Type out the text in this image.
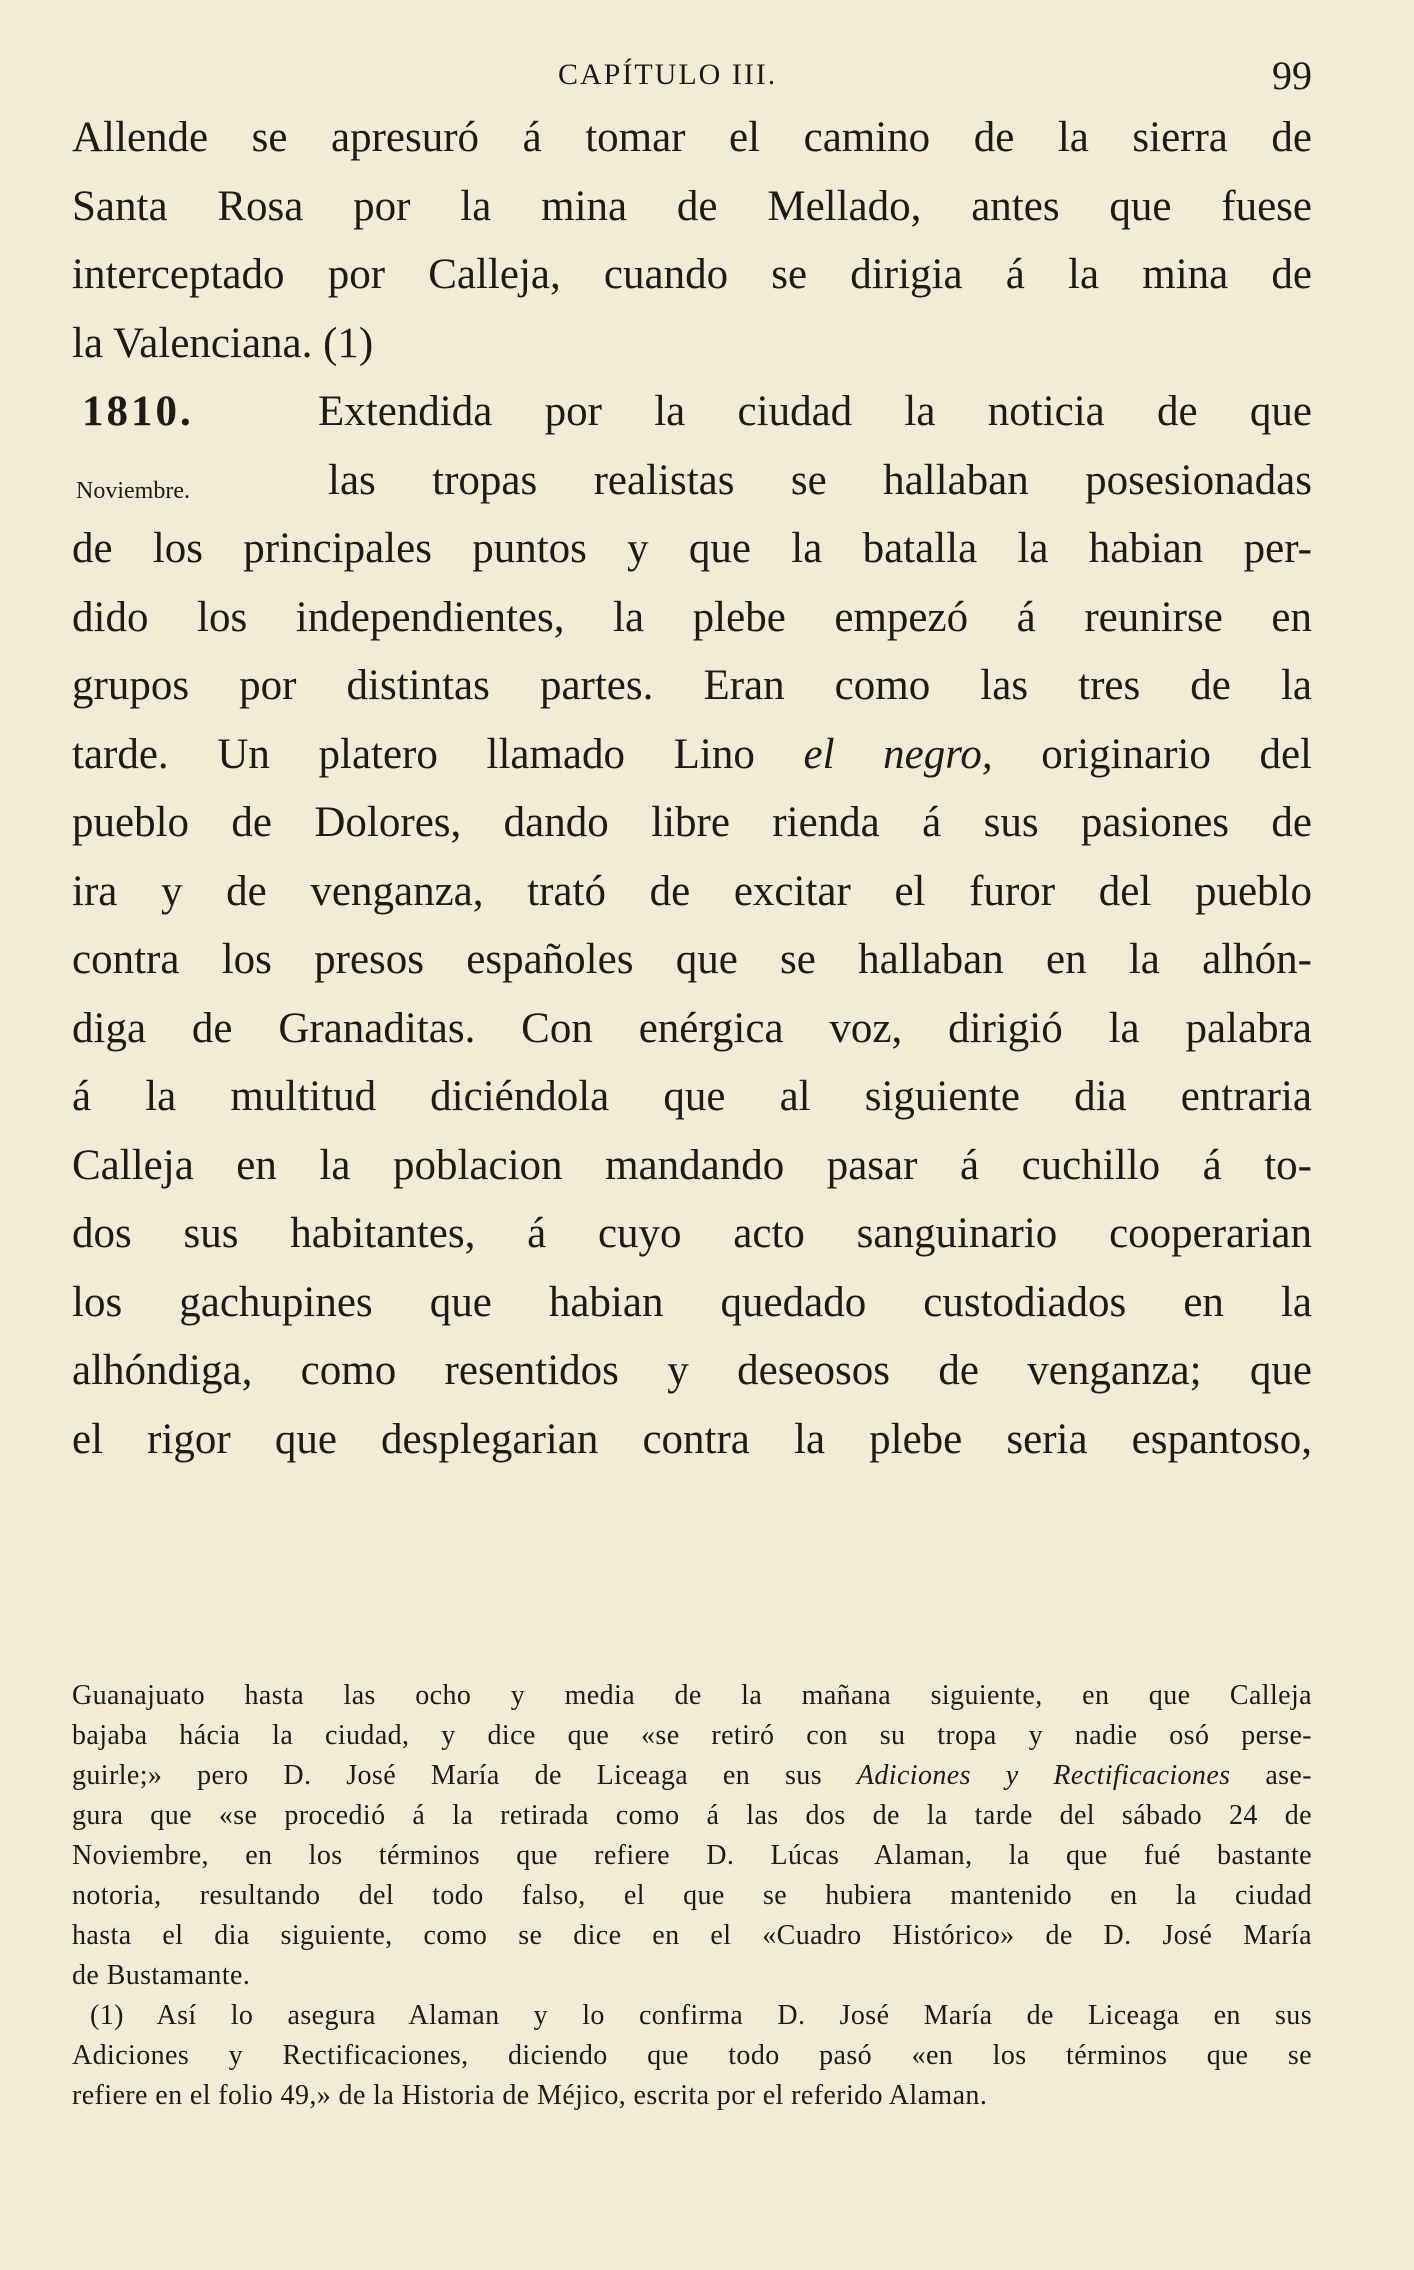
CAPÍTULO III.	99

Allende se apresuró á tomar el camino de la sierra de
Santa Rosa por la mina de Mellado, antes que fuese
interceptado por Calleja, cuando se dirigia á la mina de
la Valenciana. (1)

1810.	Extendida por la ciudad la noticia de que
Noviembre.	las tropas realistas se hallaban posesionadas
de los principales puntos y que la batalla la habian per-
dido los independientes, la plebe empezó á reunirse en
grupos por distintas partes. Eran como las tres de la
tarde. Un platero llamado Lino el negro, originario del
pueblo de Dolores, dando libre rienda á sus pasiones de
ira y de venganza, trató de excitar el furor del pueblo
contra los presos españoles que se hallaban en la alhón-
diga de Granaditas. Con enérgica voz, dirigió la palabra
á la multitud diciéndola que al siguiente dia entraria
Calleja en la poblacion mandando pasar á cuchillo á to-
dos sus habitantes, á cuyo acto sanguinario cooperarian
los gachupines que habian quedado custodiados en la
alhóndiga, como resentidos y deseosos de venganza; que
el rigor que desplegarian contra la plebe seria espantoso,

Guanajuato hasta las ocho y media de la mañana siguiente, en que Calleja
bajaba hácia la ciudad, y dice que «se retiró con su tropa y nadie osó perse-
guirle;» pero D. José María de Liceaga en sus Adiciones y Rectificaciones ase-
gura que «se procedió á la retirada como á las dos de la tarde del sábado 24 de
Noviembre, en los términos que refiere D. Lúcas Alaman, la que fué bastante
notoria, resultando del todo falso, el que se hubiera mantenido en la ciudad
hasta el dia siguiente, como se dice en el «Cuadro Histórico» de D. José María
de Bustamante.
(1) Así lo asegura Alaman y lo confirma D. José María de Liceaga en sus
Adiciones y Rectificaciones, diciendo que todo pasó «en los términos que se
refiere en el folio 49,» de la Historia de Méjico, escrita por el referido Alaman.
